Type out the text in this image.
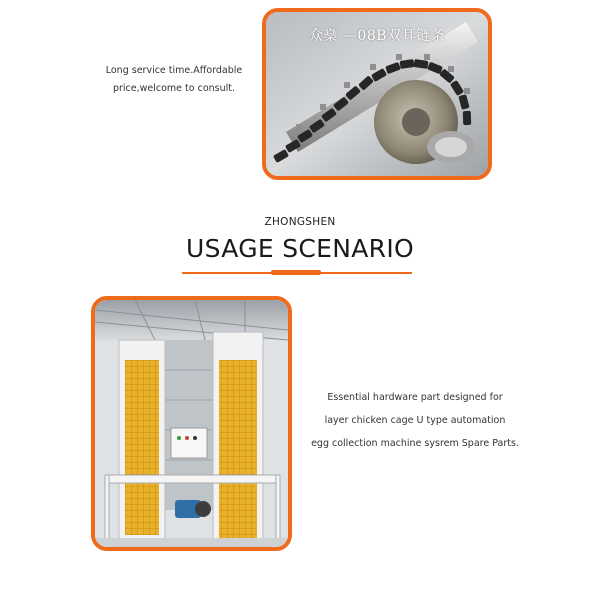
众燊 —08B双耳链条
Long service time.Affordable
price,welcome to consult.
ZHONGSHEN
USAGE SCENARIO
Essential hardware part designed for
layer chicken cage U type automation
egg collection machine sysrem Spare Parts.
